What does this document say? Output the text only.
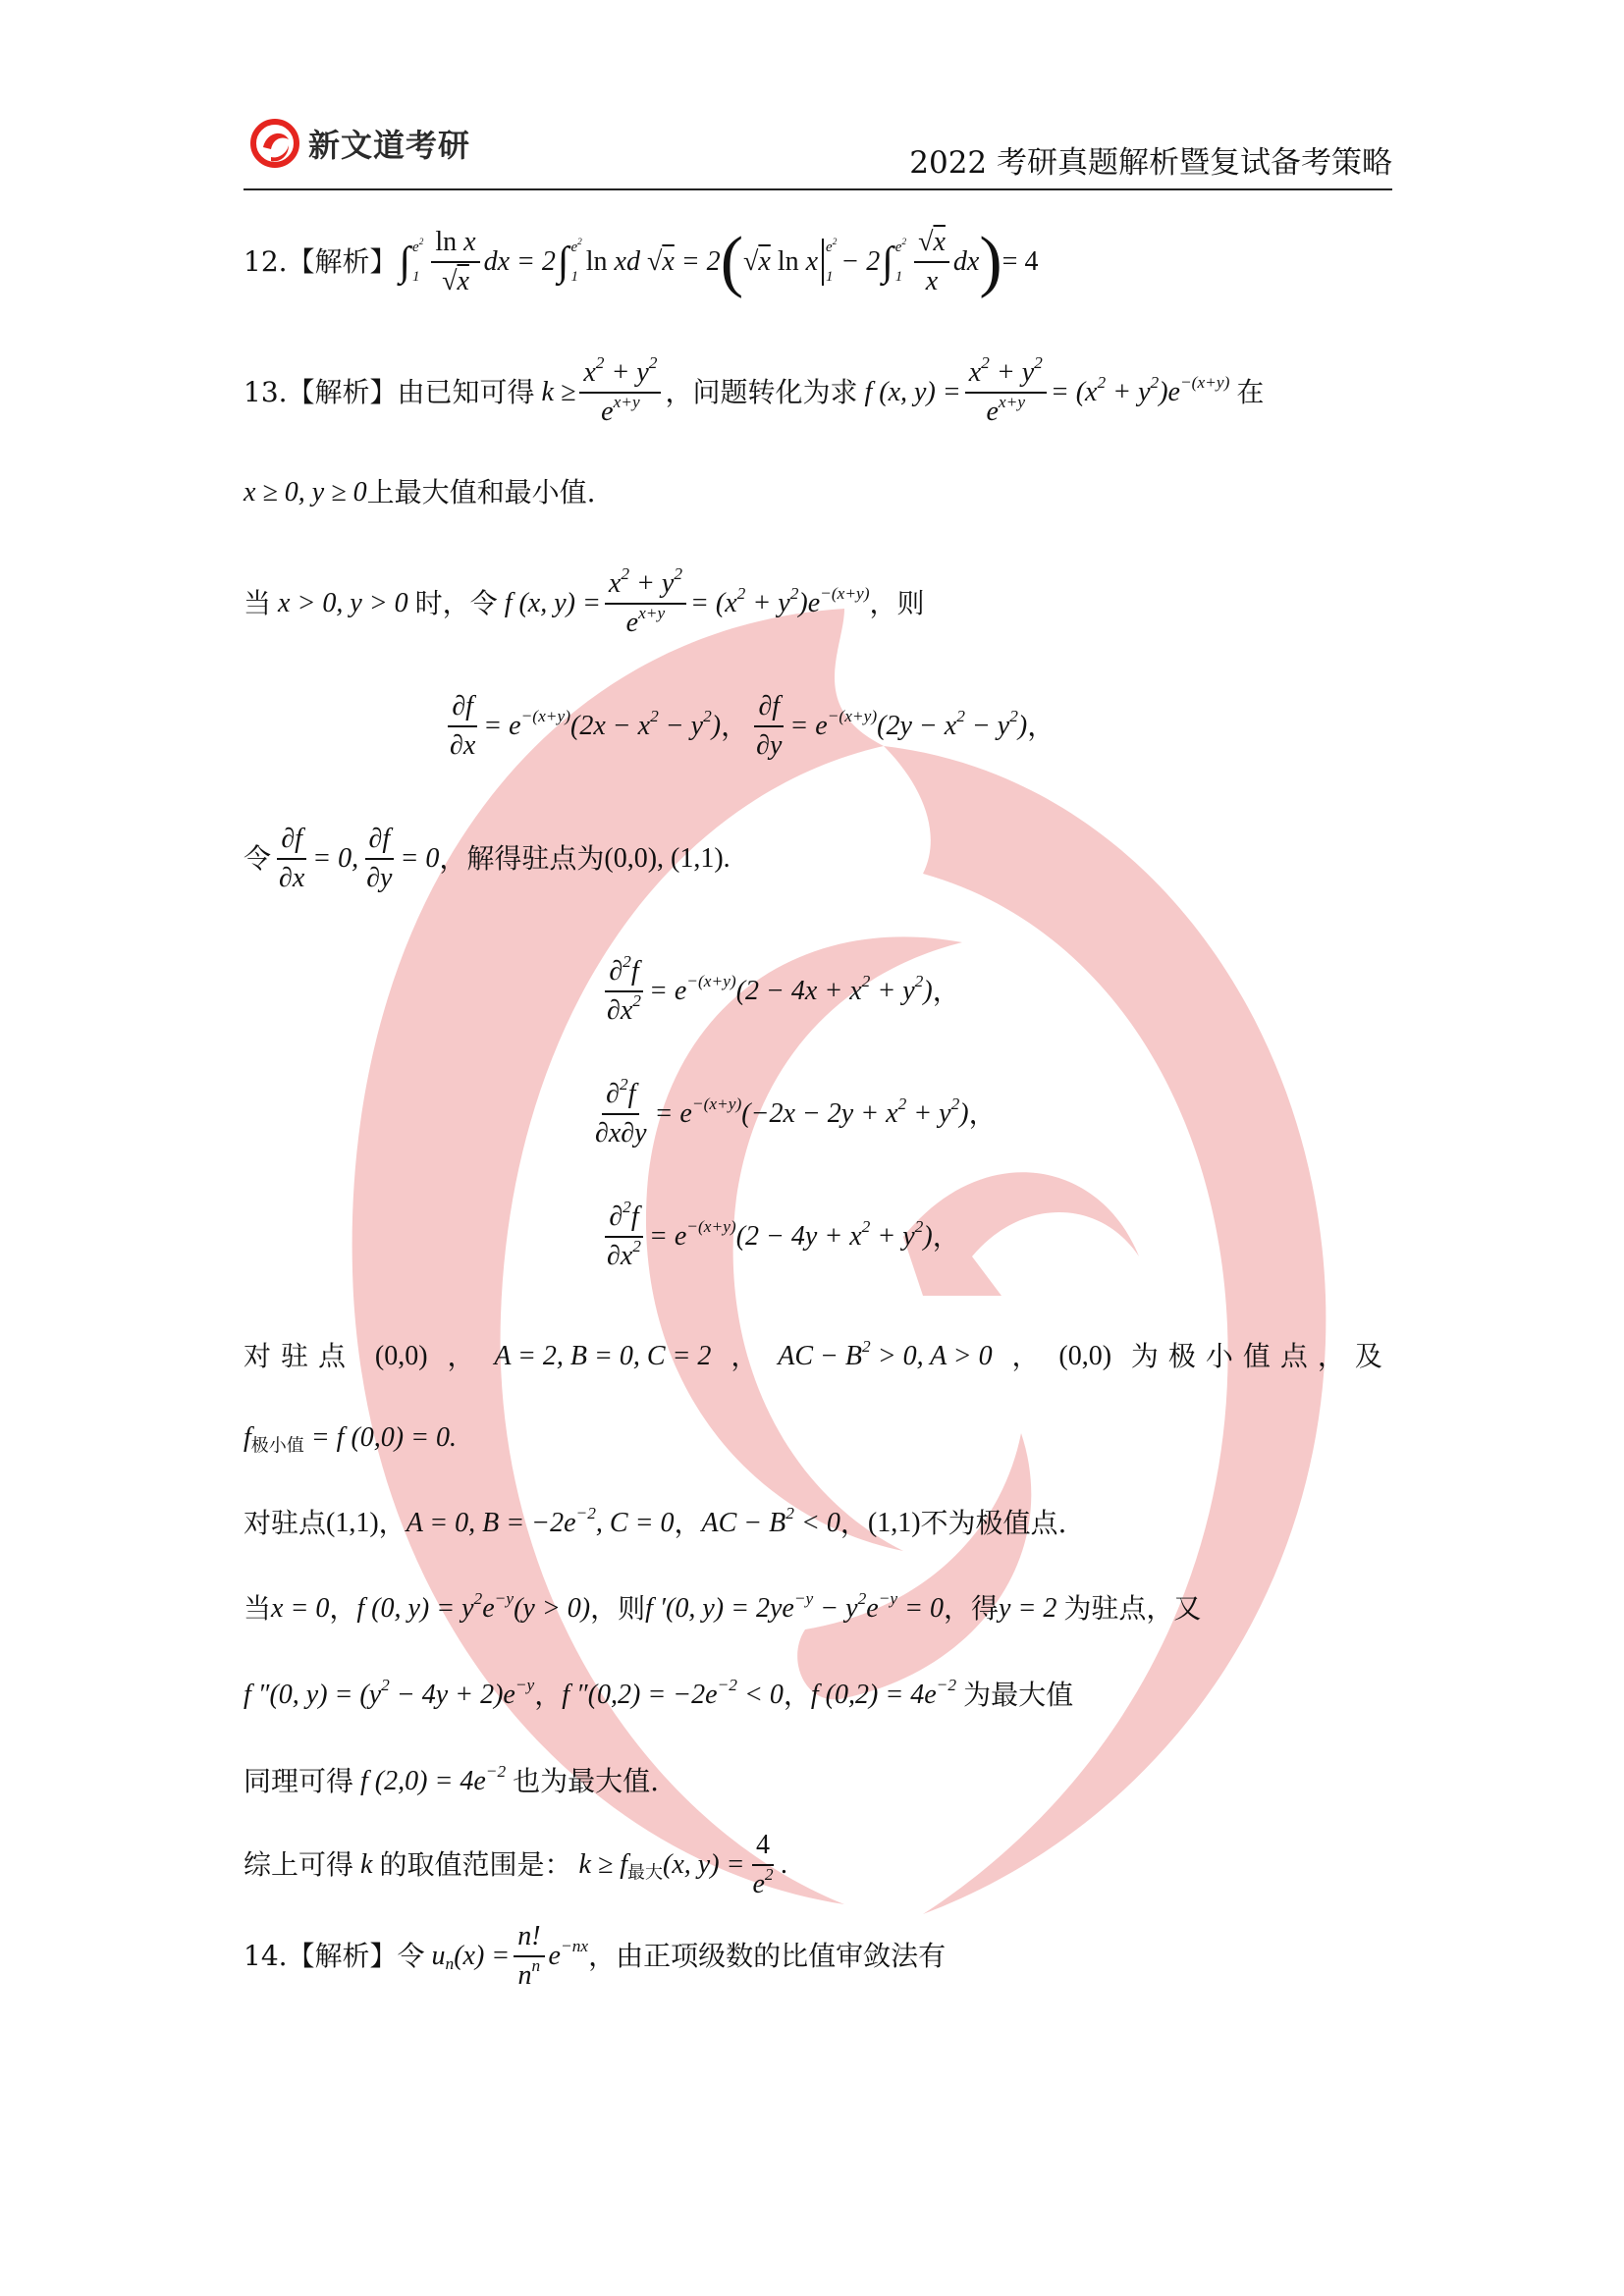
新文道考研	2022 考研真题解析暨复试备考策略
12.【解析】 ∫ $e^2$
$1 \frac{\text{ln x}}{√x}$ dx = 2 ∫ $e^2$
1 ln xd √x = 2 ( √x ln x $e^2$
1 − 2 ∫ $e^2$
$1 \frac{√x}{x}$ dx ) = 4
13.【解析】 由已知可得 $k \ge \frac{x^2 + y^2}{e^{x+y}}$ ，问题转化为求 f (x, $y) = \frac{x^2 + y^2}{e^{x+y}} = (x^2 + y^2)e^{-(x+y)}$ 在
x ≥ 0, y ≥ 0 上最大值和最小值.
当 x > 0, y > 0 时，令 f (x, $y) = \frac{x^2 + y^2}{e^{x+y}} = (x^2 + y^2)e^{-(x+y)}$ ，则
$\frac{\partial f}{\partial x} = e^{-(x+y)}(2x - x^2 - y^2)$ ， $\frac{\partial f}{\partial y} = e^{-(x+y)}(2y - x^2 - y^2)$ ，
令 $\frac{\partial f}{\partial x} = 0$, $\frac{\partial f}{\partial y} = 0$ ，解得驻点为 (0,0), (1,1).
$\frac{\partial^2f}{\partial x^2} = e^{-(x+y)}(2 - 4x + x^2 + y^2)$ ，
$\frac{\partial^2f}{\partial x\partial y} = e^{-(x+y)}(-2x - 2y + x^2 + y^2)$ ，
$\frac{\partial^2f}{\partial x^2} = e^{-(x+y)}(2 - 4y + x^2 + y^2)$ ，
对驻点 (0,0) ， A = 2, B = 0, C = 2 ， AC − $B^2 > 0$, A > 0 ， (0,0) 为极小值点，及
$f_{极小值} = f$ (0,0) = 0.
对驻点 (1,1) ， A = 0, $B = -2e^{-2}$, C = 0 ， AC − $B^2 < 0$ ， (1,1) 不为极值点.
当 x = 0 ， f (0, $y) = y^2e^{-y}(y > 0)$ ，则 f ′(0, $y) = 2ye^{-y} - y^2e^{-y} = 0$ ，得 y = 2 为驻点，又
f ″(0, $y) = (y^2 - 4y + 2)e^{-y}$ ， f $''(0,2) = -2e^{-2} < 0$ ， f $(0,2) = 4e^{-2}$ 为最大值
同理可得 f $(2,0) = 4e^{-2}$ 也为最大值.
综上可得 k 的取值范围是： $k \ge f_{最大}(x$, $y) = \frac{4}{e^2}$ .
14.【解析】 令 $u_n(x) = \frac{n!}{n^n} e^{-nx}$ ，由正项级数的比值审敛法有
